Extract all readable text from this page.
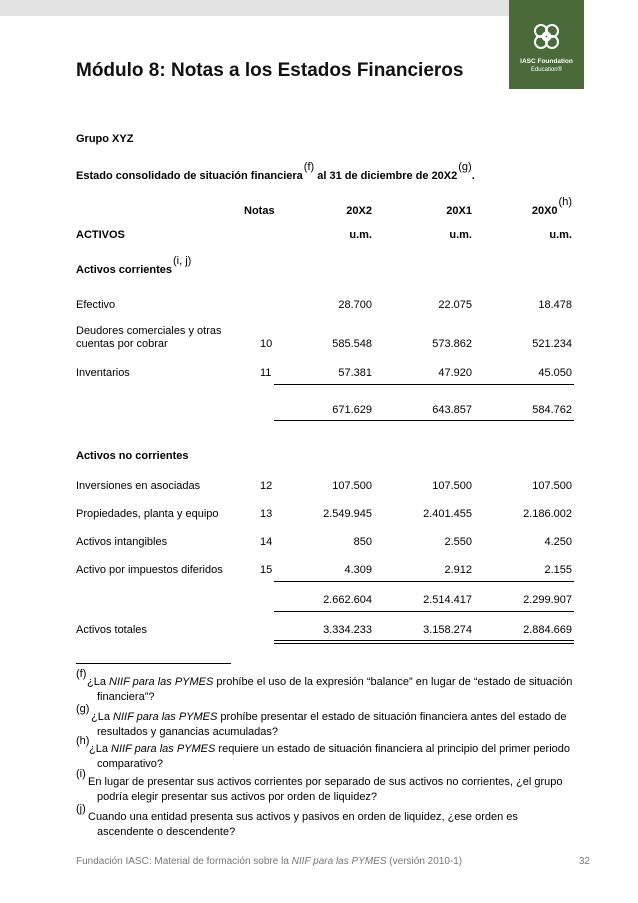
IASC Foundation
Education®
Módulo 8: Notas a los Estados Financieros
Grupo XYZ
Estado consolidado de situación financiera(f) al 31 de diciembre de 20X2(g).
Notas	20X2	20X1	20X0(h)
ACTIVOS	u.m.	u.m.	u.m.
Activos corrientes(i, j)
Efectivo	28.700	22.075	18.478
Deudores comerciales y otras
cuentas por cobrar	10	585.548	573.862	521.234
Inventarios	11	57.381	47.920	45.050
671.629	643.857	584.762
Activos no corrientes
Inversiones en asociadas	12	107.500	107.500	107.500
Propiedades, planta y equipo	13	2.549.945	2.401.455	2.186.002
Activos intangibles	14	850	2.550	4.250
Activo por impuestos diferidos	15	4.309	2.912	2.155
2.662.604	2.514.417	2.299.907
Activos totales	3.334.233	3.158.274	2.884.669
(f)
¿La NIIF para las PYMES prohíbe el uso de la expresión “balance” en lugar de “estado de situación
financiera”?
(g)
¿La NIIF para las PYMES prohíbe presentar el estado de situación financiera antes del estado de
resultados y ganancias acumuladas?
(h)
¿La NIIF para las PYMES requiere un estado de situación financiera al principio del primer periodo
comparativo?
(i)
En lugar de presentar sus activos corrientes por separado de sus activos no corrientes, ¿el grupo
podría elegir presentar sus activos por orden de liquidez?
(j)
Cuando una entidad presenta sus activos y pasivos en orden de liquidez, ¿ese orden es
ascendente o descendente?
Fundación IASC: Material de formación sobre la NIIF para las PYMES (versión 2010-1)	32
